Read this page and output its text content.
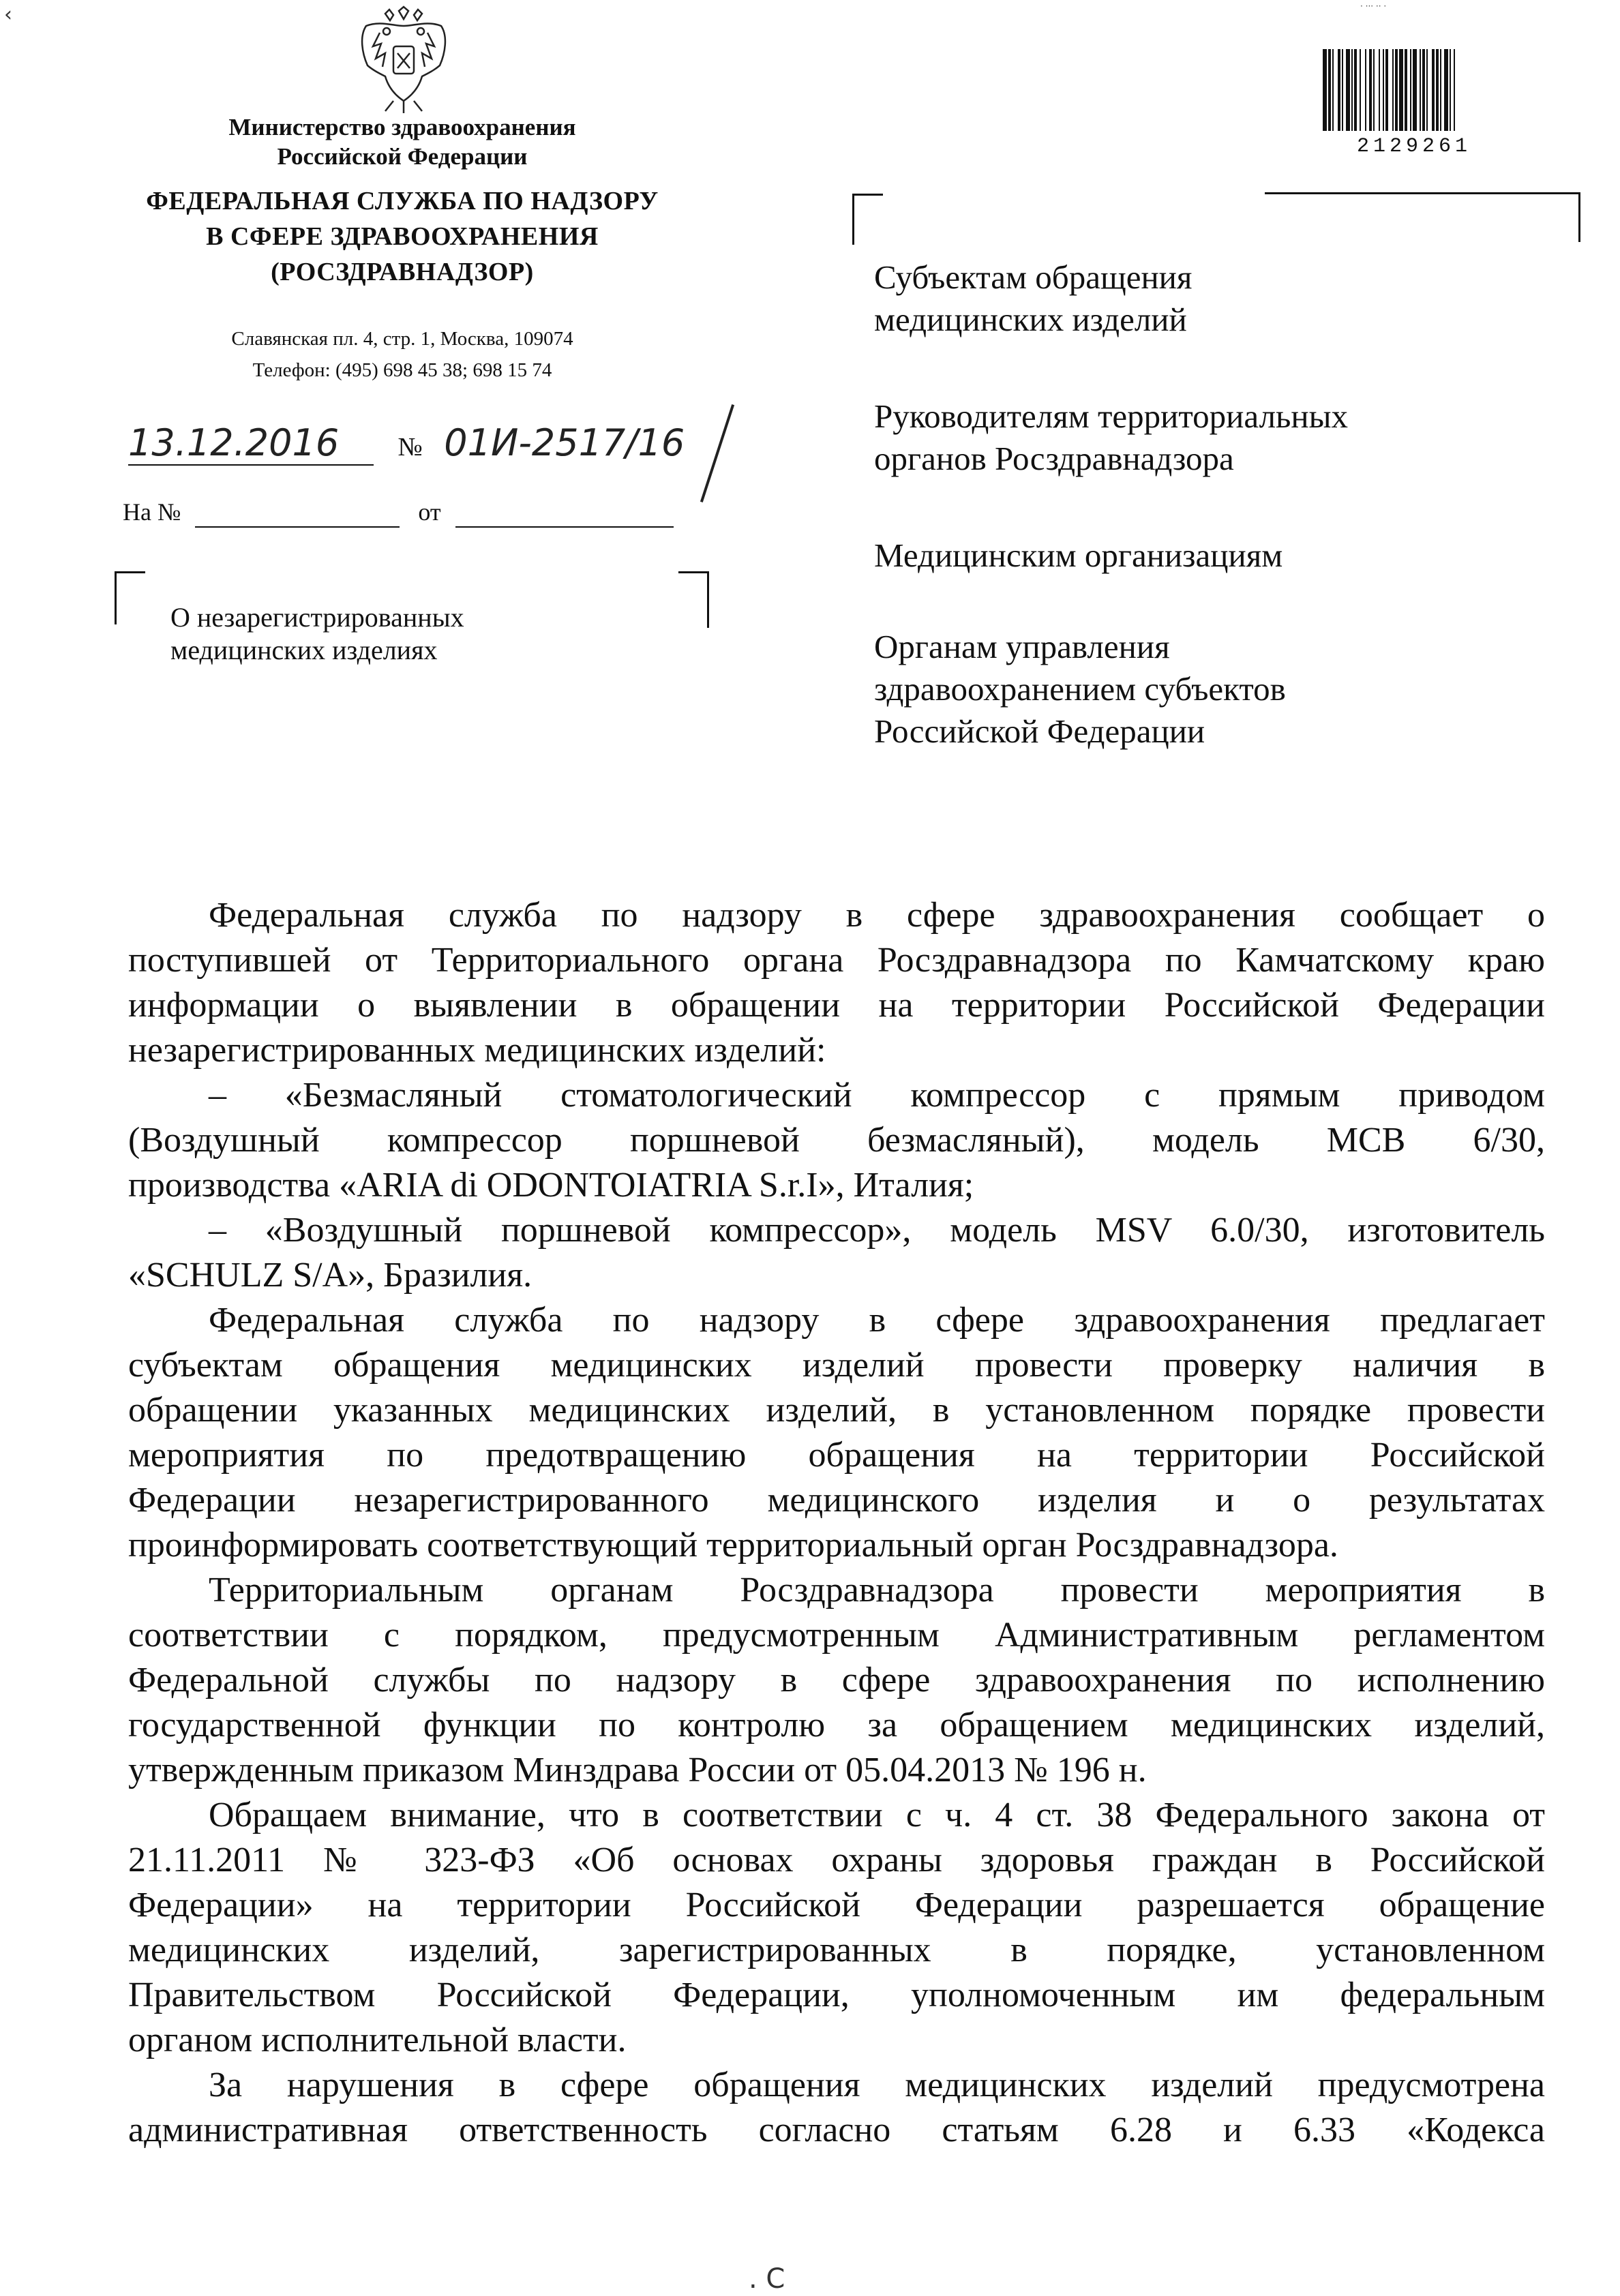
‹
Министерство здравоохранения
Российской Федерации
ФЕДЕРАЛЬНАЯ СЛУЖБА ПО НАДЗОРУ
В СФЕРЕ ЗДРАВООХРАНЕНИЯ
(РОСЗДРАВНАДЗОР)
Славянская пл. 4, стр. 1, Москва, 109074
Телефон: (495) 698 45 38; 698 15 74
13.12.2016 № 01И-2517/16
На №	от
О незарегистрированных
медицинских изделиях
Субъектам обращения
медицинских изделий
Руководителям территориальных
органов Росздравнадзора
Медицинским организациям
Органам управления
здравоохранением субъектов
Российской Федерации
· ··· ·· ·
2129261

Федеральная служба по надзору в сфере здравоохранения сообщает о

поступившей от Территориального органа Росздравнадзора по Камчатскому краю

информации о выявлении в обращении на территории Российской Федерации

незарегистрированных медицинских изделий:

– «Безмасляный стоматологический компрессор с прямым приводом

(Воздушный компрессор поршневой безмасляный), модель МСВ 6/30,

производства «ARIA di ODONTOIATRIA S.r.I», Италия;

– «Воздушный поршневой компрессор», модель MSV 6.0/30, изготовитель

«SCHULZ S/A», Бразилия.

Федеральная служба по надзору в сфере здравоохранения предлагает

субъектам обращения медицинских изделий провести проверку наличия в

обращении указанных медицинских изделий, в установленном порядке провести

мероприятия по предотвращению обращения на территории Российской

Федерации незарегистрированного медицинского изделия и о результатах

проинформировать соответствующий территориальный орган Росздравнадзора.

Территориальным органам Росздравнадзора провести мероприятия в

соответствии с порядком, предусмотренным Административным регламентом

Федеральной службы по надзору в сфере здравоохранения по исполнению

государственной функции по контролю за обращением медицинских изделий,

утвержденным приказом Минздрава России от 05.04.2013 № 196 н.

Обращаем внимание, что в соответствии с ч. 4 ст. 38 Федерального закона от

21.11.2011 № 323-ФЗ «Об основах охраны здоровья граждан в Российской

Федерации» на территории Российской Федерации разрешается обращение

медицинских изделий, зарегистрированных в порядке, установленном

Правительством Российской Федерации, уполномоченным им федеральным

органом исполнительной власти.

За нарушения в сфере обращения медицинских изделий предусмотрена

административная ответственность согласно статьям 6.28 и 6.33 «Кодекса

. С
